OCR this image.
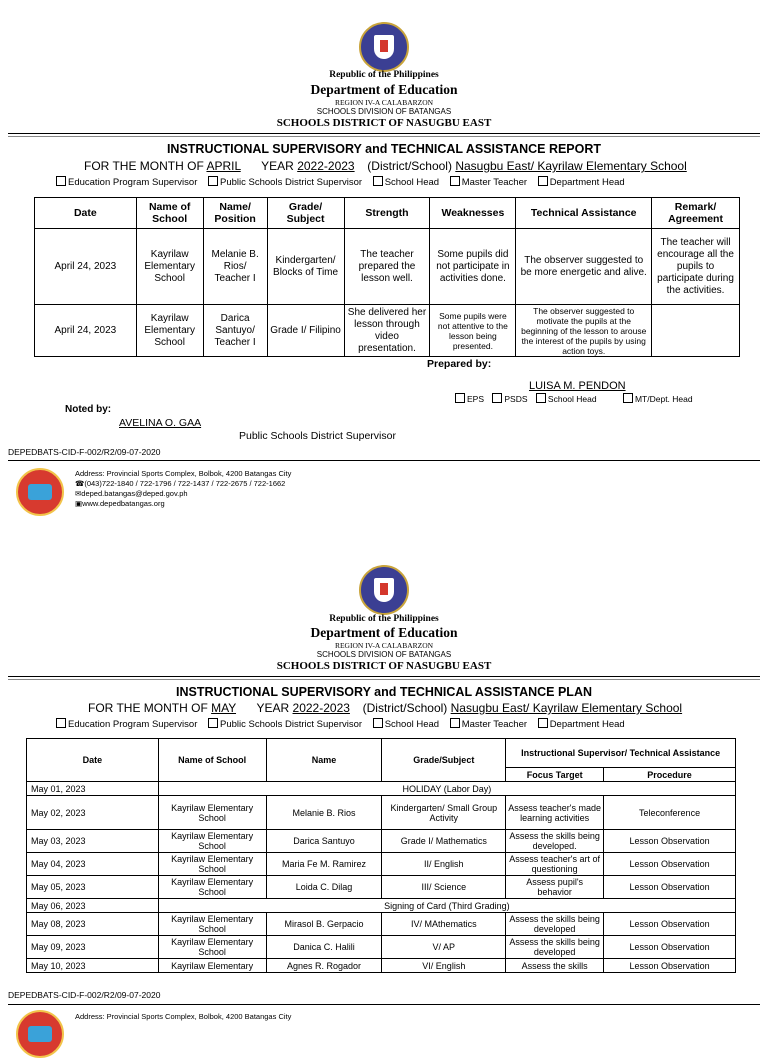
Republic of the Philippines
Department of Education
REGION IV-A CALABARZON
SCHOOLS DIVISION OF BATANGAS
SCHOOLS DISTRICT OF NASUGBU EAST
INSTRUCTIONAL SUPERVISORY and TECHNICAL ASSISTANCE REPORT
FOR THE MONTH OF APRIL YEAR 2022-2023 (District/School) Nasugbu East/ Kayrilaw Elementary School
Education Program Supervisor Public Schools District Supervisor School Head Master Teacher Department Head
Date	Name of School	Name/ Position	Grade/ Subject	Strength	Weaknesses	Technical Assistance	Remark/ Agreement
April 24, 2023	Kayrilaw Elementary School	Melanie B. Rios/ Teacher I	Kindergarten/ Blocks of Time	The teacher prepared the lesson well.	Some pupils did not participate in activities done.	The observer suggested to be more energetic and alive.	The teacher will encourage all the pupils to participate during the activities.
April 24, 2023	Kayrilaw Elementary School	Darica Santuyo/ Teacher I	Grade I/ Filipino	She delivered her lesson through video presentation.	Some pupils were not attentive to the lesson being presented.	The observer suggested to motivate the pupils at the beginning of the lesson to arouse the interest of the pupils by using action toys.	
Prepared by:
LUISA M. PENDON
EPS PSDS School Head	MT/Dept. Head
Noted by:
AVELINA O. GAA
Public Schools District Supervisor
DEPEDBATS-CID-F-002/R2/09-07-2020
Address: Provincial Sports Complex, Bolbok, 4200 Batangas City
☎(043)722-1840 / 722-1796 / 722-1437 / 722-2675 / 722-1662
✉deped.batangas@deped.gov.ph
▣www.depedbatangas.org
Republic of the Philippines
Department of Education
REGION IV-A CALABARZON
SCHOOLS DIVISION OF BATANGAS
SCHOOLS DISTRICT OF NASUGBU EAST
INSTRUCTIONAL SUPERVISORY and TECHNICAL ASSISTANCE PLAN
FOR THE MONTH OF MAY YEAR 2022-2023 (District/School) Nasugbu East/ Kayrilaw Elementary School
Education Program Supervisor Public Schools District Supervisor School Head Master Teacher Department Head
Date	Name of School	Name	Grade/Subject	Instructional Supervisor/ Technical Assistance	
				Focus Target	Procedure
May 01, 2023	HOLIDAY (Labor Day)				
May 02, 2023	Kayrilaw Elementary School	Melanie B. Rios	Kindergarten/ Small Group Activity	Assess teacher's made learning activities	Teleconference
May 03, 2023	Kayrilaw Elementary School	Darica Santuyo	Grade I/ Mathematics	Assess the skills being developed.	Lesson Observation
May 04, 2023	Kayrilaw Elementary School	Maria Fe M. Ramirez	II/ English	Assess teacher's art of questioning	Lesson Observation
May 05, 2023	Kayrilaw Elementary School	Loida C. Dilag	III/ Science	Assess pupil's behavior	Lesson Observation
May 06, 2023	Signing of Card (Third Grading)				
May 08, 2023	Kayrilaw Elementary School	Mirasol B. Gerpacio	IV/ MAthematics	Assess the skills being developed	Lesson Observation
May 09, 2023	Kayrilaw Elementary School	Danica C. Halili	V/ AP	Assess the skills being developed	Lesson Observation
May 10, 2023	Kayrilaw Elementary	Agnes R. Rogador	VI/ English	Assess the skills	Lesson Observation
DEPEDBATS-CID-F-002/R2/09-07-2020
Address: Provincial Sports Complex, Bolbok, 4200 Batangas City
